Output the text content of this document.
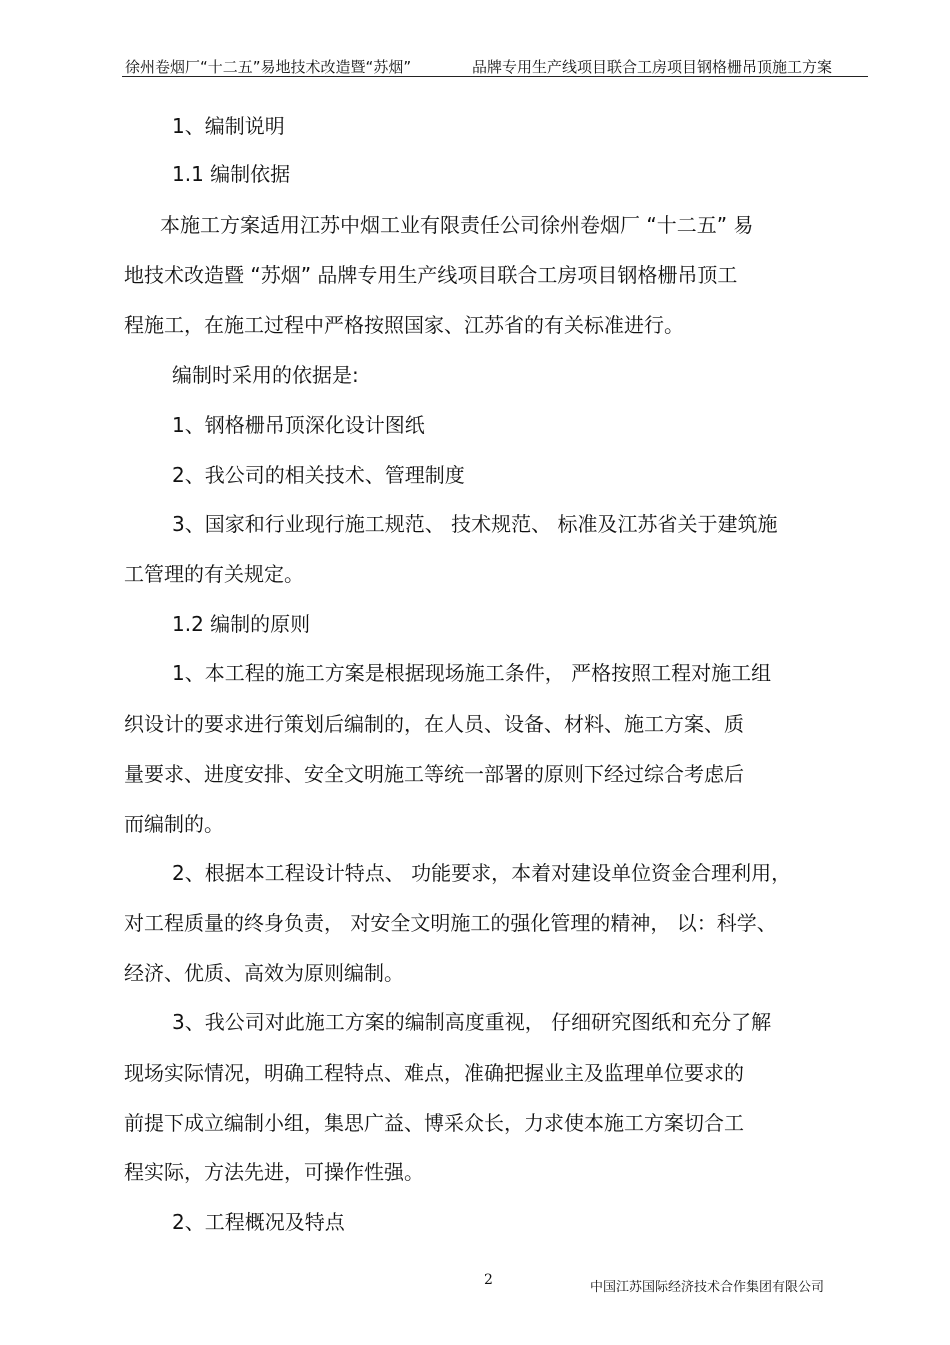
徐州卷烟厂“十二五”易地技术改造暨“苏烟”	品牌专用生产线项目联合工房项目钢格栅吊顶施工方案
1、编制说明
1.1 编制依据
本施工方案适用江苏中烟工业有限责任公司徐州卷烟厂 “十二五” 易
地技术改造暨 “苏烟” 品牌专用生产线项目联合工房项目钢格栅吊顶工
程施工，在施工过程中严格按照国家、江苏省的有关标准进行。
编制时采用的依据是:
1、钢格栅吊顶深化设计图纸
2、我公司的相关技术、管理制度
3、国家和行业现行施工规范、 技术规范、 标准及江苏省关于建筑施
工管理的有关规定。
1.2 编制的原则
1、本工程的施工方案是根据现场施工条件， 严格按照工程对施工组
织设计的要求进行策划后编制的，在人员、设备、材料、施工方案、质
量要求、进度安排、安全文明施工等统一部署的原则下经过综合考虑后
而编制的。
2、根据本工程设计特点、 功能要求，本着对建设单位资金合理利用，
对工程质量的终身负责， 对安全文明施工的强化管理的精神， 以：科学、
经济、优质、高效为原则编制。
3、我公司对此施工方案的编制高度重视， 仔细研究图纸和充分了解
现场实际情况，明确工程特点、难点，准确把握业主及监理单位要求的
前提下成立编制小组，集思广益、博采众长，力求使本施工方案切合工
程实际，方法先进，可操作性强。
2、工程概况及特点
2	中国江苏国际经济技术合作集团有限公司
